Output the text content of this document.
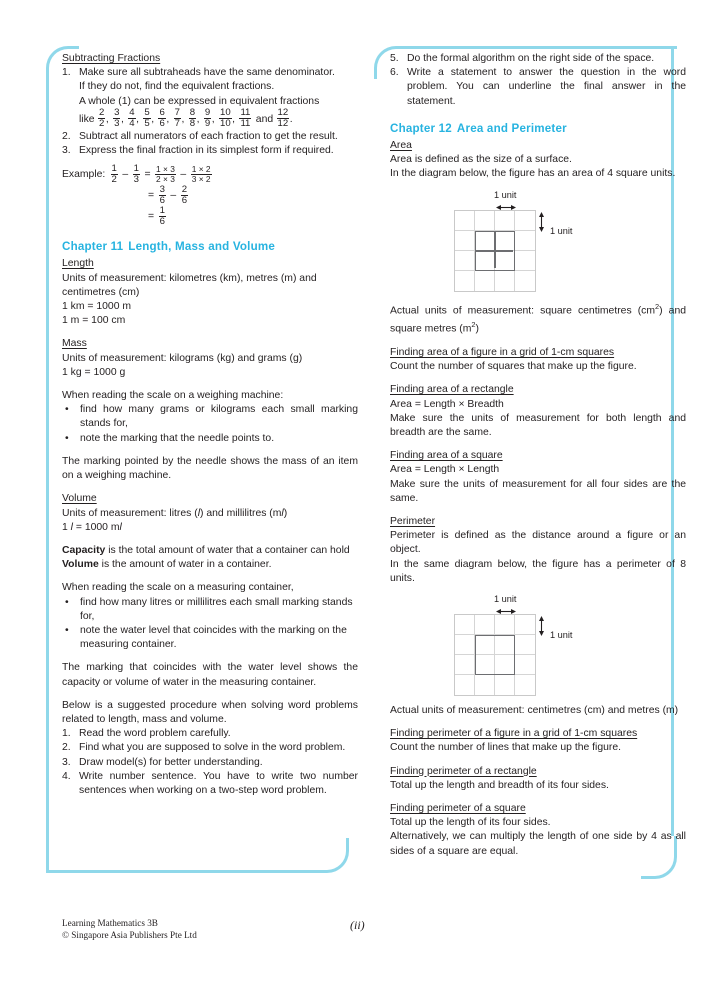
Subtracting Fractions
1. Make sure all subtraheads have the same denominator.
If they do not, find the equivalent fractions.
A whole (1) can be expressed in equivalent fractions
like $\frac{2}{2}$ , $\frac{3}{3}$ , $\frac{4}{4}$ , $\frac{5}{5}$ , $\frac{6}{6}$ , $\frac{7}{7}$ , $\frac{8}{8}$ , $\frac{9}{9}$ , $\frac{10}{10}$ , $\frac{11}{11}$ and $\frac{12}{12}$ .
2. Subtract all numerators of each fraction to get the result.
3. Express the final fraction in its simplest form if required.
Example: $\frac{1}{2} - \frac{1}{3} = \frac{1 \times 3}{2 \times 3} - \frac{1 \times 2}{3 \times 2}$
= $\frac{3}{6} - \frac{2}{6}$
= $\frac{1}{6}$
Chapter 11 Length, Mass and Volume
Length
Units of measurement: kilometres (km), metres (m) and centimetres (cm)
1 km = 1000 m
1 m = 100 cm
Mass
Units of measurement: kilograms (kg) and grams (g)
1 kg = 1000 g
When reading the scale on a weighing machine:
•	find how many grams or kilograms each small marking stands for,
•	note the marking that the needle points to.
The marking pointed by the needle shows the mass of an item on a weighing machine.
Volume
Units of measurement: litres (l) and millilitres (ml)
1 l = 1000 ml
Capacity is the total amount of water that a container can hold
Volume is the amount of water in a container.
When reading the scale on a measuring container,
•	find how many litres or millilitres each small marking stands for,
•	note the water level that coincides with the marking on the measuring container.
The marking that coincides with the water level shows the capacity or volume of water in the measuring container.
Below is a suggested procedure when solving word problems related to length, mass and volume.
1. Read the word problem carefully.
2. Find what you are supposed to solve in the word problem.
3. Draw model(s) for better understanding.
4. Write number sentence. You have to write two number sentences when working on a two-step word problem.
5. Do the formal algorithm on the right side of the space.
6. Write a statement to answer the question in the word problem. You can underline the final answer in the statement.
Chapter 12 Area and Perimeter
Area
Area is defined as the size of a surface.
In the diagram below, the figure has an area of 4 square units.
1 unit
1 unit
Actual units of measurement: square centimetres $(cm^2)$ and square metres $(m^2)$
Finding area of a figure in a grid of 1-cm squares
Count the number of squares that make up the figure.
Finding area of a rectangle
Area = Length × Breadth
Make sure the units of measurement for both length and breadth are the same.
Finding area of a square
Area = Length × Length
Make sure the units of measurement for all four sides are the same.
Perimeter
Perimeter is defined as the distance around a figure or an object.
In the same diagram below, the figure has a perimeter of 8 units.
1 unit
1 unit
Actual units of measurement: centimetres (cm) and metres (m)
Finding perimeter of a figure in a grid of 1-cm squares
Count the number of lines that make up the figure.
Finding perimeter of a rectangle
Total up the length and breadth of its four sides.
Finding perimeter of a square
Total up the length of its four sides.
Alternatively, we can multiply the length of one side by 4 as all sides of a square are equal.
Learning Mathematics 3B
© Singapore Asia Publishers Pte Ltd
(ii)
